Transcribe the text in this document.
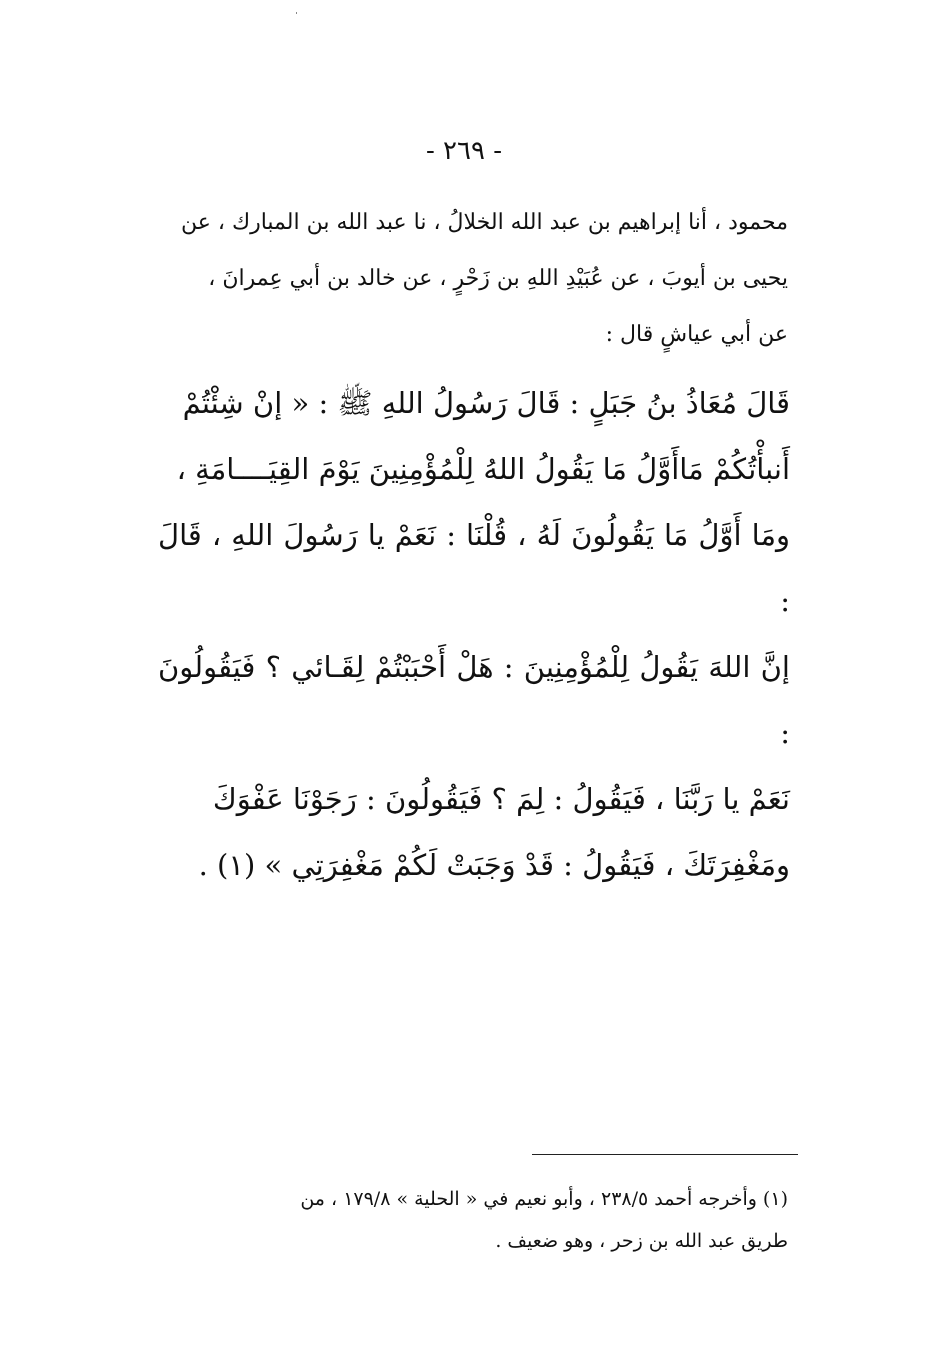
- ٢٦٩ -

محمود ، أنا إبراهيم بن عبد الله الخلالُ ، نا عبد الله بن المبارك ، عن

يحيى بن أيوبَ ، عن عُبَيْدِ اللهِ بن زَحْرٍ ، عن خالد بن أبي عِمرانَ ،

عن أبي عياشٍ قال :

قَالَ مُعَاذُ بنُ جَبَلٍ : قَالَ رَسُولُ اللهِ ﷺ : « إنْ شِئْتُمْ

أَنبأْتُكُمْ مَاأَوَّلُ مَا يَقُولُ اللهُ لِلْمُؤْمِنِينَ يَوْمَ القِيَــــامَةِ ،

ومَا أَوَّلُ مَا يَقُولُونَ لَهُ ، قُلْنَا : نَعَمْ يا رَسُولَ اللهِ ، قَالَ :

إنَّ اللهَ يَقُولُ لِلْمُؤْمِنِينَ : هَلْ أَحْبَبْتُمْ لِقَـائي ؟ فَيَقُولُونَ :

نَعَمْ يا رَبَّنَا ، فَيَقُولُ : لِمَ ؟ فَيَقُولُونَ : رَجَوْنَا عَفْوَكَ

ومَغْفِرَتَكَ ، فَيَقُولُ : قَدْ وَجَبَتْ لَكُمْ مَغْفِرَتِي » (١) .

(١) وأخرجه أحمد ٢٣٨/٥ ، وأبو نعيم في « الحلية » ١٧٩/٨ ، من

طريق عبد الله بن زحر ، وهو ضعيف .
